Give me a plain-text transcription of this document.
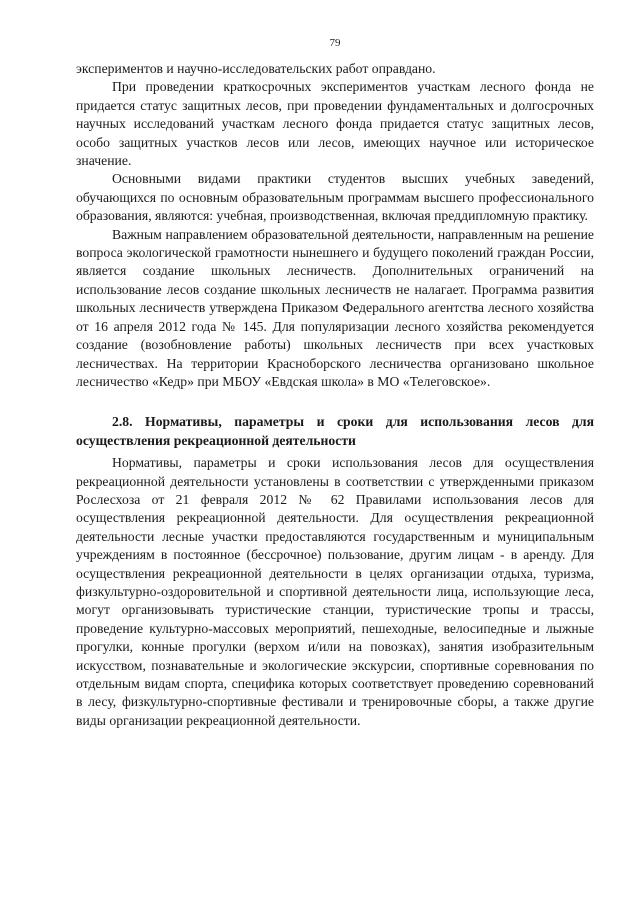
79

экспериментов и научно-исследовательских работ оправдано.

При проведении краткосрочных экспериментов участкам лесного фонда не придается статус защитных лесов, при проведении фундаментальных и долгосрочных научных исследований участкам лесного фонда придается статус защитных лесов, особо защитных участков лесов или лесов, имеющих научное или историческое значение.

Основными видами практики студентов высших учебных заведений, обучающихся по основным образовательным программам высшего профессионального образования, являются: учебная, производственная, включая преддипломную практику.

Важным направлением образовательной деятельности, направленным на решение вопроса экологической грамотности нынешнего и будущего поколений граждан России, является создание школьных лесничеств. Дополнительных ограничений на использование лесов создание школьных лесничеств не налагает. Программа развития школьных лесничеств утверждена Приказом Федерального агентства лесного хозяйства от 16 апреля 2012 года № 145. Для популяризации лесного хозяйства рекомендуется создание (возобновление работы) школьных лесничеств при всех участковых лесничествах. На территории Красноборского лесничества организовано школьное лесничество «Кедр» при МБОУ «Евдская школа» в МО «Телеговское».

2.8. Нормативы, параметры и сроки для использования лесов для осуществления рекреационной деятельности

Нормативы, параметры и сроки использования лесов для осуществления рекреационной деятельности установлены в соответствии с утвержденными приказом Рослесхоза от 21 февраля 2012 № 62 Правилами использования лесов для осуществления рекреационной деятельности. Для осуществления рекреационной деятельности лесные участки предоставляются государственным и муниципальным учреждениям в постоянное (бессрочное) пользование, другим лицам - в аренду. Для осуществления рекреационной деятельности в целях организации отдыха, туризма, физкультурно-оздоровительной и спортивной деятельности лица, использующие леса, могут организовывать туристические станции, туристические тропы и трассы, проведение культурно-массовых мероприятий, пешеходные, велосипедные и лыжные прогулки, конные прогулки (верхом и/или на повозках), занятия изобразительным искусством, познавательные и экологические экскурсии, спортивные соревнования по отдельным видам спорта, специфика которых соответствует проведению соревнований в лесу, физкультурно-спортивные фестивали и тренировочные сборы, а также другие виды организации рекреационной деятельности.
